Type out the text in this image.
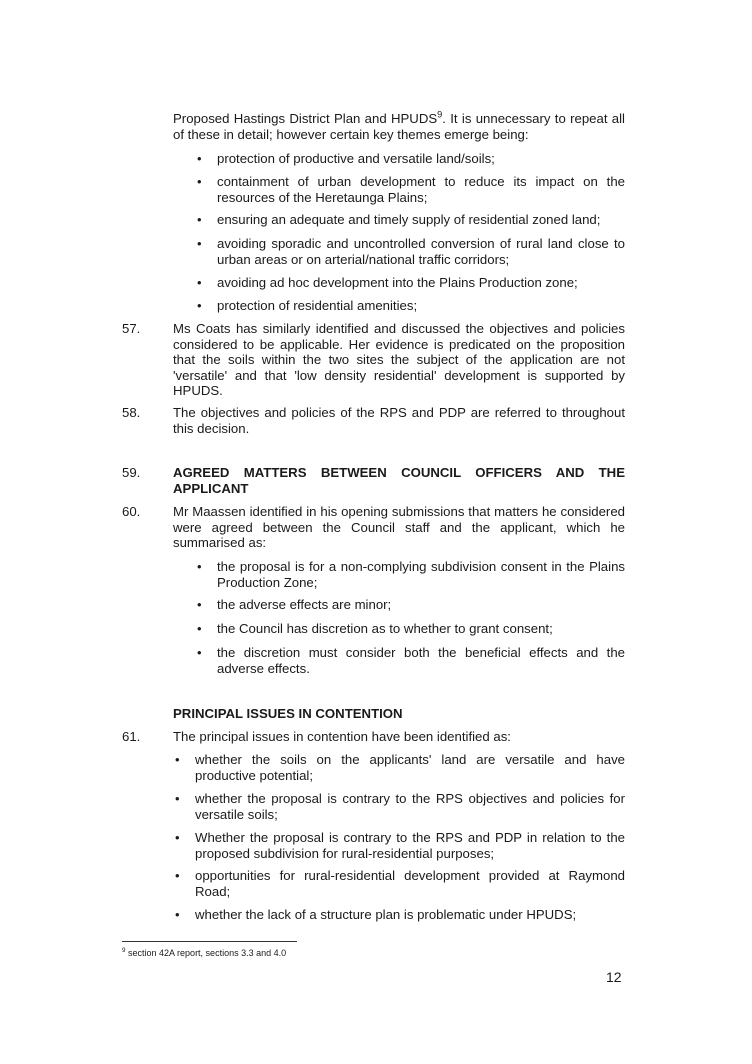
Proposed Hastings District Plan and HPUDS$^9$. It is unnecessary to repeat all of these in detail; however certain key themes emerge being:

• protection of productive and versatile land/soils;

• containment of urban development to reduce its impact on the resources of the Heretaunga Plains;

• ensuring an adequate and timely supply of residential zoned land;

• avoiding sporadic and uncontrolled conversion of rural land close to urban areas or on arterial/national traffic corridors;

• avoiding ad hoc development into the Plains Production zone;

• protection of residential amenities;

57. Ms Coats has similarly identified and discussed the objectives and policies considered to be applicable. Her evidence is predicated on the proposition that the soils within the two sites the subject of the application are not 'versatile' and that 'low density residential' development is supported by HPUDS.

58. The objectives and policies of the RPS and PDP are referred to throughout this decision.

59. AGREED MATTERS BETWEEN COUNCIL OFFICERS AND THE
APPLICANT
60. Mr Maassen identified in his opening submissions that matters he considered were agreed between the Council staff and the applicant, which he summarised as:

• the proposal is for a non-complying subdivision consent in the Plains Production Zone;

• the adverse effects are minor;

• the Council has discretion as to whether to grant consent;

• the discretion must consider both the beneficial effects and the adverse effects.

PRINCIPAL ISSUES IN CONTENTION
61. The principal issues in contention have been identified as:

• whether the soils on the applicants' land are versatile and have productive potential;

• whether the proposal is contrary to the RPS objectives and policies for versatile soils;

• Whether the proposal is contrary to the RPS and PDP in relation to the proposed subdivision for rural-residential purposes;

• opportunities for rural-residential development provided at Raymond Road;

• whether the lack of a structure plan is problematic under HPUDS;

$^9$ section 42A report, sections 3.3 and 4.0
12
